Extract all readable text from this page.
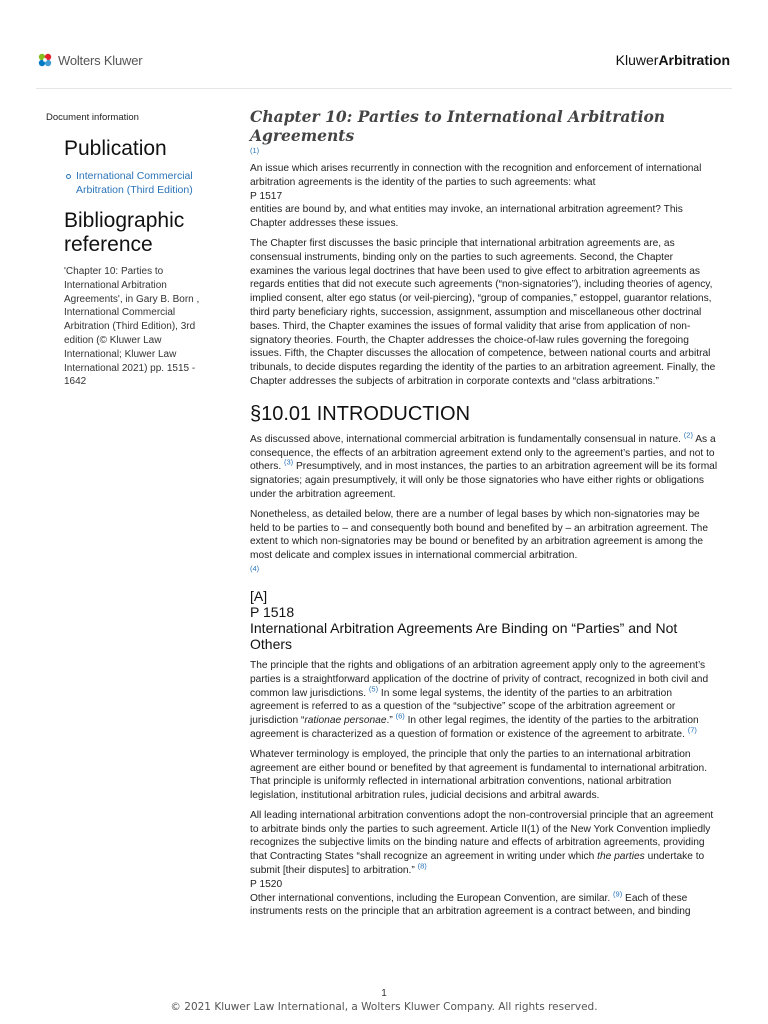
Wolters Kluwer	KluwerArbitration
Document information
Publication
International Commercial Arbitration (Third Edition)
Bibliographic reference
'Chapter 10: Parties to International Arbitration Agreements', in Gary B. Born , International Commercial Arbitration (Third Edition), 3rd edition (© Kluwer Law International; Kluwer Law International 2021) pp. 1515 - 1642
Chapter 10: Parties to International Arbitration Agreements
(1)

An issue which arises recurrently in connection with the recognition and enforcement of international arbitration agreements is the identity of the parties to such agreements: what
P 1517
entities are bound by, and what entities may invoke, an international arbitration agreement? This Chapter addresses these issues.

The Chapter first discusses the basic principle that international arbitration agreements are, as consensual instruments, binding only on the parties to such agreements. Second, the Chapter examines the various legal doctrines that have been used to give effect to arbitration agreements as regards entities that did not execute such agreements (“non-signatories”), including theories of agency, implied consent, alter ego status (or veil-piercing), “group of companies,” estoppel, guarantor relations, third party beneficiary rights, succession, assignment, assumption and miscellaneous other doctrinal bases. Third, the Chapter examines the issues of formal validity that arise from application of non-signatory theories. Fourth, the Chapter addresses the choice-of-law rules governing the foregoing issues. Fifth, the Chapter discusses the allocation of competence, between national courts and arbitral tribunals, to decide disputes regarding the identity of the parties to an arbitration agreement. Finally, the Chapter addresses the subjects of arbitration in corporate contexts and “class arbitrations.”

§10.01 INTRODUCTION

As discussed above, international commercial arbitration is fundamentally consensual in nature. $^{(2)}$ As a consequence, the effects of an arbitration agreement extend only to the agreement’s parties, and not to others. $^{(3)}$ Presumptively, and in most instances, the parties to an arbitration agreement will be its formal signatories; again presumptively, it will only be those signatories who have either rights or obligations under the arbitration agreement.

Nonetheless, as detailed below, there are a number of legal bases by which non-signatories may be held to be parties to – and consequently both bound and benefited by – an arbitration agreement. The extent to which non-signatories may be bound or benefited by an arbitration agreement is among the most delicate and complex issues in international commercial arbitration.

(4)
[A]
P 1518
International Arbitration Agreements Are Binding on “Parties” and Not Others

The principle that the rights and obligations of an arbitration agreement apply only to the agreement’s parties is a straightforward application of the doctrine of privity of contract, recognized in both civil and common law jurisdictions. $^{(5)}$ In some legal systems, the identity of the parties to an arbitration agreement is referred to as a question of the “subjective” scope of the arbitration agreement or jurisdiction “rationae personae.” $^{(6)}$ In other legal regimes, the identity of the parties to the arbitration agreement is characterized as a question of formation or existence of the agreement to arbitrate. $^{(7)}$

Whatever terminology is employed, the principle that only the parties to an international arbitration agreement are either bound or benefited by that agreement is fundamental to international arbitration. That principle is uniformly reflected in international arbitration conventions, national arbitration legislation, institutional arbitration rules, judicial decisions and arbitral awards.

All leading international arbitration conventions adopt the non-controversial principle that an agreement to arbitrate binds only the parties to such agreement. Article II(1) of the New York Convention impliedly recognizes the subjective limits on the binding nature and effects of arbitration agreements, providing that Contracting States “shall recognize an agreement in writing under which the parties undertake to submit [their disputes] to arbitration.” $^{(8)}$
P 1520
Other international conventions, including the European Convention, are similar. $^{(9)}$ Each of these instruments rests on the principle that an arbitration agreement is a contract between, and binding

1
© 2021 Kluwer Law International, a Wolters Kluwer Company. All rights reserved.
